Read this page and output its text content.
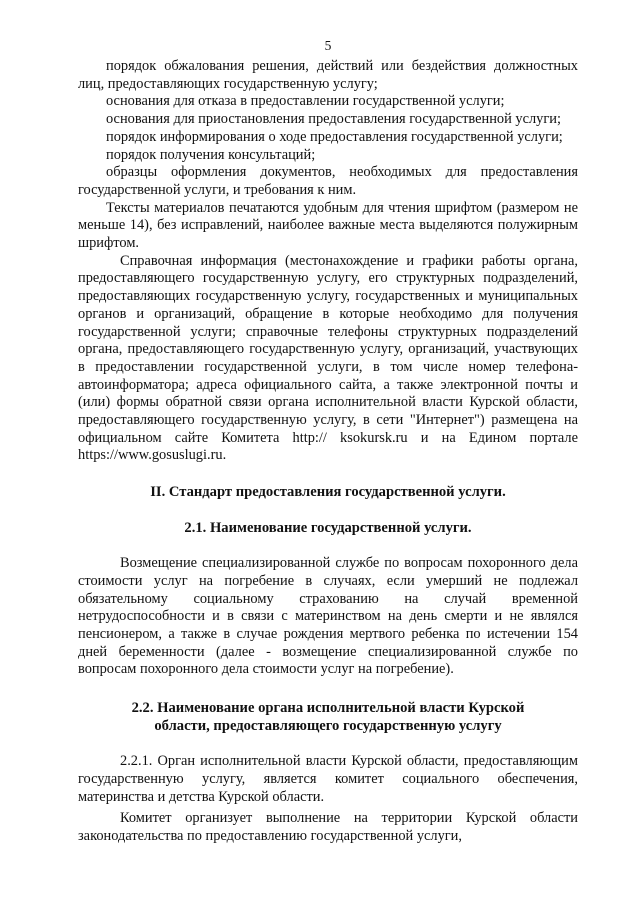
5

порядок обжалования решения, действий или бездействия должностных лиц, предоставляющих государственную услугу;

основания для отказа в предоставлении государственной услуги;

основания для приостановления предоставления государственной услуги;

порядок информирования о ходе предоставления государственной услуги;

порядок получения консультаций;

образцы оформления документов, необходимых для предоставления государственной услуги, и требования к ним.

Тексты материалов печатаются удобным для чтения шрифтом (размером не меньше 14), без исправлений, наиболее важные места выделяются полужирным шрифтом.

Справочная информация (местонахождение и графики работы органа, предоставляющего государственную услугу, его структурных подразделений, предоставляющих государственную услугу, государственных и муниципальных органов и организаций, обращение в которые необходимо для получения государственной услуги; справочные телефоны структурных подразделений органа, предоставляющего государственную услугу, организаций, участвующих в предоставлении государственной услуги, в том числе номер телефона-автоинформатора; адреса официального сайта, а также электронной почты и (или) формы обратной связи органа исполнительной власти Курской области, предоставляющего государственную услугу, в сети "Интернет") размещена на официальном сайте Комитета http:// ksokursk.ru и на Едином портале https://www.gosuslugi.ru.

II. Стандарт предоставления государственной услуги.

2.1. Наименование государственной услуги.

Возмещение специализированной службе по вопросам похоронного дела стоимости услуг на погребение в случаях, если умерший не подлежал обязательному социальному страхованию на случай временной нетрудоспособности и в связи с материнством на день смерти и не являлся пенсионером, а также в случае рождения мертвого ребенка по истечении 154 дней беременности (далее - возмещение специализированной службе по вопросам похоронного дела стоимости услуг на погребение).

2.2. Наименование органа исполнительной власти Курской
области, предоставляющего государственную услугу

2.2.1. Орган исполнительной власти Курской области, предоставляющим государственную услугу, является комитет социального обеспечения, материнства и детства Курской области.

Комитет организует выполнение на территории Курской области законодательства по предоставлению государственной услуги,
